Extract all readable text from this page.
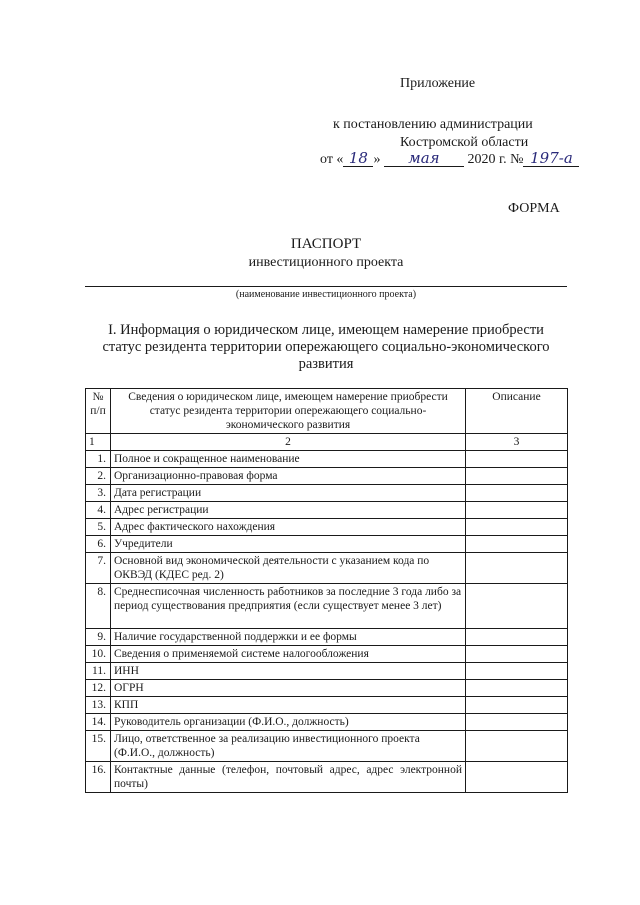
Приложение
к постановлению администрации
Костромской области
от « 18 » мая 2020 г. № 197-а
ФОРМА
ПАСПОРТ
инвестиционного проекта
(наименование инвестиционного проекта)
I. Информация о юридическом лице, имеющем намерение приобрести статус резидента территории опережающего социально-экономического развития
№ п/п	Сведения о юридическом лице, имеющем намерение приобрести статус резидента территории опережающего социально-экономического развития	Описание
1	2	3
1.	Полное и сокращенное наименование	
2.	Организационно-правовая форма	
3.	Дата регистрации	
4.	Адрес регистрации	
5.	Адрес фактического нахождения	
6.	Учредители	
7.	Основной вид экономической деятельности с указанием кода по ОКВЭД (КДЕС ред. 2)	
8.	Среднесписочная численность работников за последние 3 года либо за период существования предприятия (если существует менее 3 лет)	
9.	Наличие государственной поддержки и ее формы	
10.	Сведения о применяемой системе налогообложения	
11.	ИНН	
12.	ОГРН	
13.	КПП	
14.	Руководитель организации (Ф.И.О., должность)	
15.	Лицо, ответственное за реализацию инвестиционного проекта (Ф.И.О., должность)	
16.	Контактные данные (телефон, почтовый адрес, адрес электронной почты)	
